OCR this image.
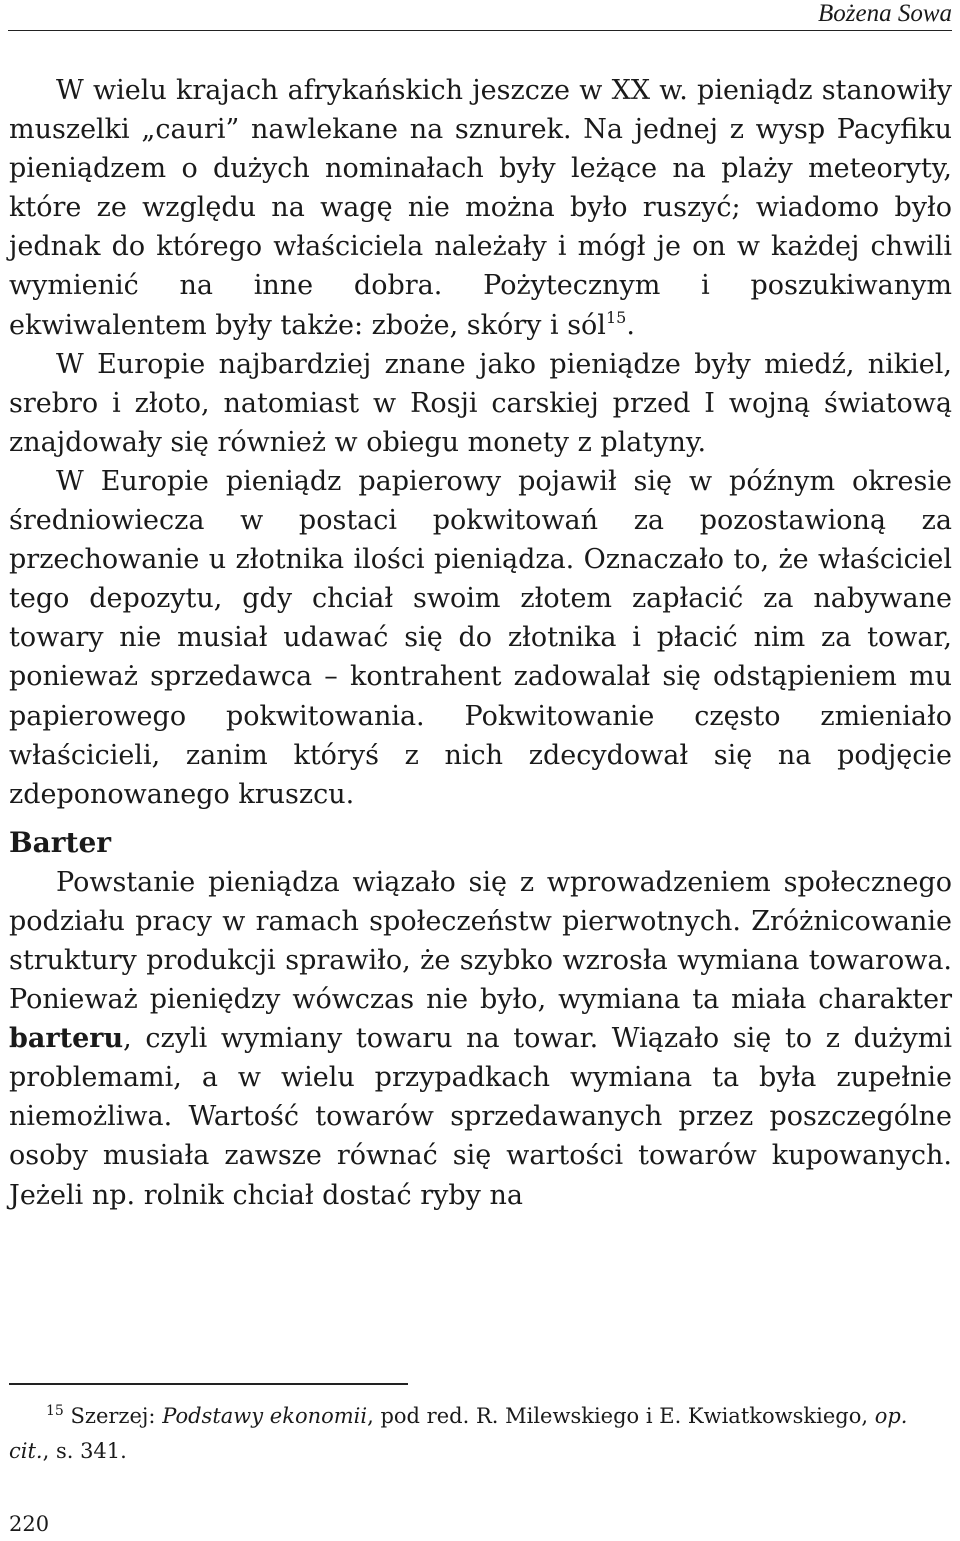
Bożena Sowa

W wielu krajach afrykańskich jeszcze w XX w. pieniądz stanowiły muszelki „cauri” nawlekane na sznurek. Na jednej z wysp Pacyfiku pieniądzem o dużych nominałach były leżące na plaży meteoryty, które ze względu na wagę nie można było ruszyć; wiadomo było jednak do którego właściciela należały i mógł je on w każdej chwili wymienić na inne dobra. Pożytecznym i poszukiwanym ekwiwalentem były także: zboże, skóry i sól$^{15}$.

W Europie najbardziej znane jako pieniądze były miedź, nikiel, srebro i złoto, natomiast w Rosji carskiej przed I wojną światową znajdowały się również w obiegu monety z platyny.

W Europie pieniądz papierowy pojawił się w późnym okresie średniowiecza w postaci pokwitowań za pozostawioną za przechowanie u złotnika ilości pieniądza. Oznaczało to, że właściciel tego depozytu, gdy chciał swoim złotem zapłacić za nabywane towary nie musiał udawać się do złotnika i płacić nim za towar, ponieważ sprzedawca – kontrahent zadowalał się odstąpieniem mu papierowego pokwitowania. Pokwitowanie często zmieniało właścicieli, zanim któryś z nich zdecydował się na podjęcie zdeponowanego kruszcu.

Barter

Powstanie pieniądza wiązało się z wprowadzeniem społecznego podziału pracy w ramach społeczeństw pierwotnych. Zróżnicowanie struktury produkcji sprawiło, że szybko wzrosła wymiana towarowa. Ponieważ pieniędzy wówczas nie było, wymiana ta miała charakter barteru, czyli wymiany towaru na towar. Wiązało się to z dużymi problemami, a w wielu przypadkach wymiana ta była zupełnie niemożliwa. Wartość towarów sprzedawanych przez poszczególne osoby musiała zawsze równać się wartości towarów kupowanych. Jeżeli np. rolnik chciał dostać ryby na

$^{15}$ Szerzej: Podstawy ekonomii, pod red. R. Milewskiego i E. Kwiatkowskiego, op. cit., s. 341.
220
